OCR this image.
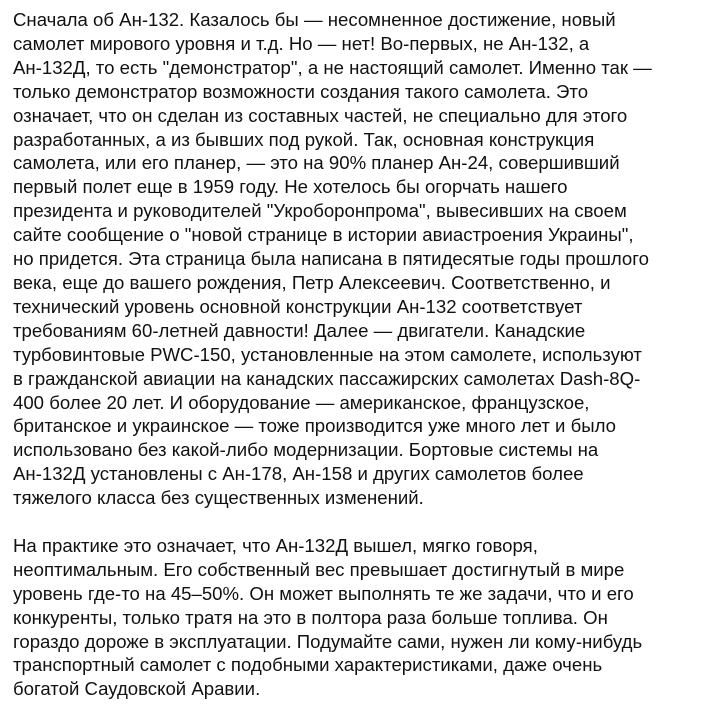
Сначала об Ан-132. Казалось бы — несомненное достижение, новый
самолет мирового уровня и т.д. Но — нет! Во-первых, не Ан-132, а
Ан-132Д, то есть "демонстратор", а не настоящий самолет. Именно так —
только демонстратор возможности создания такого самолета. Это
означает, что он сделан из составных частей, не специально для этого
разработанных, а из бывших под рукой. Так, основная конструкция
самолета, или его планер, — это на 90% планер Ан-24, совершивший
первый полет еще в 1959 году. Не хотелось бы огорчать нашего
президента и руководителей "Укроборонпрома", вывесивших на своем
сайте сообщение о "новой странице в истории авиастроения Украины",
но придется. Эта страница была написана в пятидесятые годы прошлого
века, еще до вашего рождения, Петр Алексеевич. Соответственно, и
технический уровень основной конструкции Ан-132 соответствует
требованиям 60-летней давности! Далее — двигатели. Канадские
турбовинтовые PWC-150, установленные на этом самолете, используют
в гражданской авиации на канадских пассажирских самолетах Dash-8Q-
400 более 20 лет. И оборудование — американское, французское,
британское и украинское — тоже производится уже много лет и было
использовано без какой-либо модернизации. Бортовые системы на
Ан-132Д установлены с Ан-178, Ан-158 и других самолетов более
тяжелого класса без существенных изменений.

На практике это означает, что Ан-132Д вышел, мягко говоря,
неоптимальным. Его собственный вес превышает достигнутый в мире
уровень где-то на 45–50%. Он может выполнять те же задачи, что и его
конкуренты, только тратя на это в полтора раза больше топлива. Он
гораздо дороже в эксплуатации. Подумайте сами, нужен ли кому-нибудь
транспортный самолет с подобными характеристиками, даже очень
богатой Саудовской Аравии.
